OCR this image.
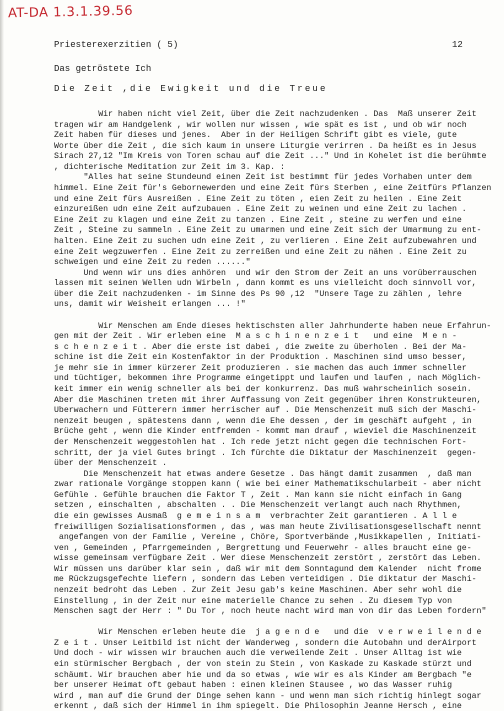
AT-DA 1.3.1.39.56
Priesterexerzitien ( 5)	12
Das getröstete Ich
Die Zeit ,die Ewigkeit und die Treue
Wir haben nicht viel Zeit, über die Zeit nachzudenken . Das  Maß unserer Zeit
tragen wir am Handgelenk , wir wollen nur wissen , wie spät es ist , und ob wir noch
Zeit haben für dieses und jenes.  Aber in der Heiligen Schrift gibt es viele, gute
Worte über die Zeit , die sich kaum in unsere Liturgie verirren . Da heißt es in Jesus
Sirach 27,12 "Im Kreis von Toren schau auf die Zeit ..." Und in Kohelet ist die berühmte
, dichterische Meditation zur Zeit im 3. Kap. :
"Alles hat seine Stundeund einen Zeit ist bestimmt für jedes Vorhaben unter dem
himmel. Eine Zeit für's Gebornewerden und eine Zeit fürs Sterben , eine Zeitfürs Pflanzen
und eine Zeit fürs Ausreißen . Eine Zeit zu töten , eien Zeit zu heilen . Eine Zeit
einzureißen udn eine Zeit aufzubauen . Eine Zeit zu weinen und eine Zeit zu lachen .
Eine Zeit zu klagen und eine Zeit zu tanzen . Eine Zeit , steine zu werfen und eine
Zeit , Steine zu sammeln . Eine Zeit zu umarmen und eine Zeit sich der Umarmung zu ent-
halten. Eine Zeit zu suchen udn eine Zeit , zu verlieren . Eine Zeit aufzubewahren und
eine Zeit wegzuwerfen . Eine Zeit zu zerreißen und eine Zeit zu nähen . Eine Zeit zu
schweigen und eine Zeit zu reden ......"
Und wenn wir uns dies anhören  und wir den Strom der Zeit an uns vorüberrauschen
lassen mit seinen Wellen udn Wirbeln , dann kommt es uns vielleicht doch sinnvoll vor,
über die Zeit nachzudenken - im Sinne des Ps 90 ,12  "Unsere Tage zu zählen , lehre
uns, damit wir Weisheit erlangen ... !"
Wir Menschen am Ende dieses hektischsten aller Jahrhunderte haben neue Erfahrun-
gen mit der Zeit . Wir erleben eine  M a s c h i n e n z e i t   und eine  M e n -
s c h e n z e i t . Aber die erste ist dabei , die zweite zu überholen . Bei der Ma-
schine ist die Zeit ein Kostenfaktor in der Produktion . Maschinen sind umso besser,
je mehr sie in immer kürzerer Zeit produzieren . sie machen das auch immer schneller
und tüchtiger, bekommen ihre Programme eingetippt und laufen und laufen , nach Möglich-
keit immer ein wenig schneller als bei der konkurrenz. Das muß wahrscheinlich sosein.
Aber die Maschinen treten mit ihrer Auffassung von Zeit gegenüber ihren Konstrukteuren,
Überwachern und Fütterern immer herrischer auf . Die Menschenzeit muß sich der Maschi-
nenzeit beugen , spätestens dann , wenn die Ehe dessen , der im geschäft aufgeht , in
Brüche geht , wenn die Kinder entfremden - kommt man drauf , wieviel die Maschinenzeit
der Menschenzeit weggestohlen hat . Ich rede jetzt nicht gegen die technischen Fort-
schritt, der ja viel Gutes bringt . Ich fürchte die Diktatur der Maschinenzeit  gegen-
über der Menschenzeit .
Die Menschenzeit hat etwas andere Gesetze . Das hängt damit zusammen  , daß man
zwar rationale Vorgänge stoppen kann ( wie bei einer Mathematikschularbeit - aber nicht
Gefühle . Gefühle brauchen die Faktor T , Zeit . Man kann sie nicht einfach in Gang
setzen , einschalten , abschalten . . Die Menschenzeit verlangt auch nach Rhythmen,
die ein gewisses Ausmaß  g e m e i n s a m  verbrachter Zeit garantieren . A l l e
freiwilligen Sozialisationsformen , das , was man heute Zivilisationsgesellschaft nennt
angefangen von der Familie , Vereine , Chöre, Sportverbände ,Musikkapellen , Initiati-
ven , Gemeinden , Pfarrgemeinden , Bergrettung und Feuerwehr - alles braucht eine ge-
wisse gemeinsam verfügbare Zeit . Wer diese Menschenzeit zerstört , zerstört das Leben.
Wir müssen uns darüber klar sein , daß wir mit dem Sonntagund dem Kalender  nicht frome
me Rückzugsgefechte liefern , sondern das Leben verteidigen . Die diktatur der Maschi-
nenzeit bedroht das Leben . Zur Zeit Jesu gab's keine Maschinen. Aber sehr wohl die
Einstellung , in der Zeit nur eine materielle Chance zu sehen . Zu diesem Typ von
Menschen sagt der Herr : " Du Tor , noch heute nacht wird man von dir das Leben fordern"
Wir Menschen erleben heute die  j a g e n d e   und die  v e r w e i l e n d e
Z e i t . Unser Leitbild ist nicht der Wanderweg , sondern die Autobahn und derAirport
Und doch - wir wissen wir brauchen auch die verweilende Zeit . Unser Alltag ist wie
ein stürmischer Bergbach , der von stein zu Stein , von Kaskade zu Kaskade stürzt und
schäumt. Wir brauchen aber hie und da so etwas , wie wir es als Kinder am Bergbach "e
ber unserer Heimat oft gebaut haben : einen kleinen Stausee , wo das Wasser ruhig
wird , man auf die Grund der Dinge sehen kann - und wenn man sich richtig hinlegt sogar
erkennt , daß sich der Himmel in ihm spiegelt. Die Philosophin Jeanne Hersch , eine
